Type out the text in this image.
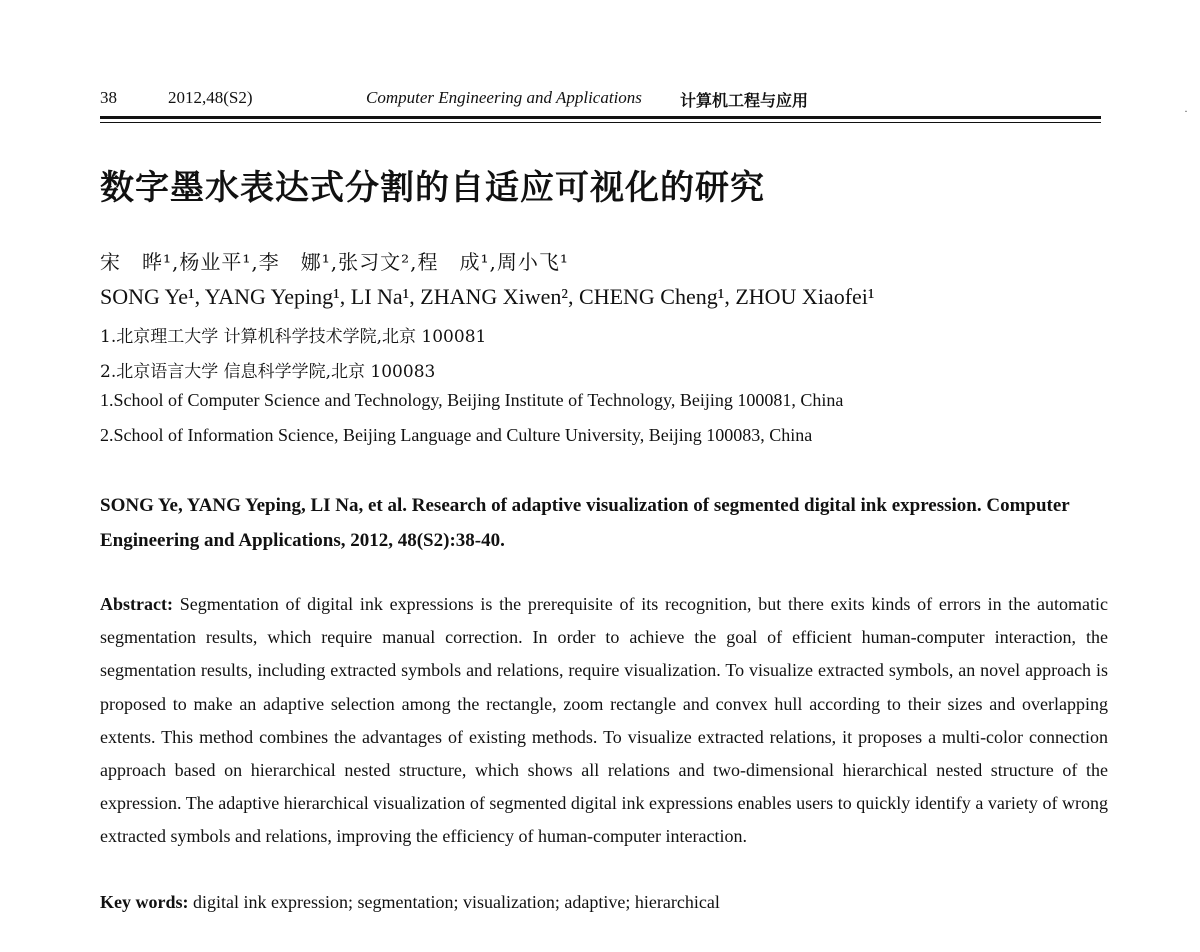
38	2012,48(S2)	Computer Engineering and Applications 计算机工程与应用
·
数字墨水表达式分割的自适应可视化的研究
宋　晔¹,杨业平¹,李　娜¹,张习文²,程　成¹,周小飞¹
SONG Ye¹, YANG Yeping¹, LI Na¹, ZHANG Xiwen², CHENG Cheng¹, ZHOU Xiaofei¹
1.北京理工大学 计算机科学技术学院,北京 100081
2.北京语言大学 信息科学学院,北京 100083
1.School of Computer Science and Technology, Beijing Institute of Technology, Beijing 100081, China
2.School of Information Science, Beijing Language and Culture University, Beijing 100083, China
SONG Ye, YANG Yeping, LI Na, et al. Research of adaptive visualization of segmented digital ink expression. Computer Engineering and Applications, 2012, 48(S2):38-40.
Abstract: Segmentation of digital ink expressions is the prerequisite of its recognition, but there exits kinds of errors in the automatic segmentation results, which require manual correction. In order to achieve the goal of efficient human-computer interaction, the segmentation results, including extracted symbols and relations, require visualization. To visualize extracted symbols, an novel approach is proposed to make an adaptive selection among the rectangle, zoom rectangle and convex hull according to their sizes and overlapping extents. This method combines the advantages of existing methods. To visualize extracted relations, it proposes a multi-color connection approach based on hierarchical nested structure, which shows all relations and two-dimensional hierarchical nested structure of the expression. The adaptive hierarchical visualization of segmented digital ink expressions enables users to quickly identify a variety of wrong extracted symbols and relations, improving the efficiency of human-computer interaction.
Key words: digital ink expression; segmentation; visualization; adaptive; hierarchical
